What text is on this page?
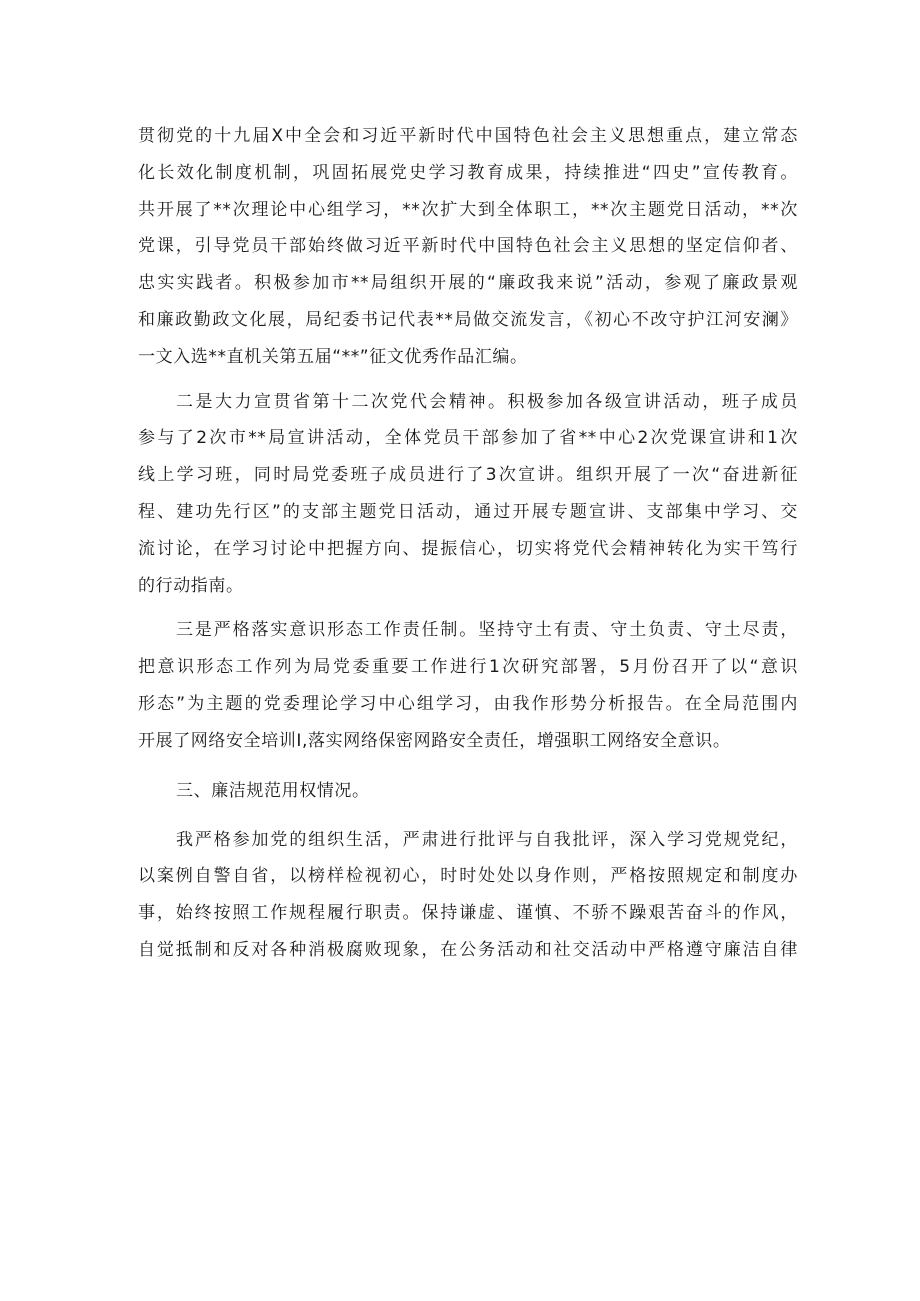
贯彻党的十九届X中全会和习近平新时代中国特色社会主义思想重点，建立常态
化长效化制度机制，巩固拓展党史学习教育成果，持续推进“四史”宣传教育。
共开展了**次理论中心组学习，**次扩大到全体职工，**次主题党日活动，**次
党课，引导党员干部始终做习近平新时代中国特色社会主义思想的坚定信仰者、
忠实实践者。积极参加市**局组织开展的“廉政我来说”活动，参观了廉政景观
和廉政勤政文化展，局纪委书记代表**局做交流发言，《初心不改守护江河安澜》
一文入选**直机关第五届“**”征文优秀作品汇编。
二是大力宣贯省第十二次党代会精神。积极参加各级宣讲活动，班子成员
参与了2次市**局宣讲活动，全体党员干部参加了省**中心2次党课宣讲和1次
线上学习班，同时局党委班子成员进行了3次宣讲。组织开展了一次“奋进新征
程、建功先行区”的支部主题党日活动，通过开展专题宣讲、支部集中学习、交
流讨论，在学习讨论中把握方向、提振信心，切实将党代会精神转化为实干笃行
的行动指南。
三是严格落实意识形态工作责任制。坚持守土有责、守土负责、守土尽责，
把意识形态工作列为局党委重要工作进行1次研究部署，5月份召开了以“意识
形态”为主题的党委理论学习中心组学习，由我作形势分析报告。在全局范围内
开展了网络安全培训I,落实网络保密网路安全责任，增强职工网络安全意识。
三、廉洁规范用权情况。
我严格参加党的组织生活，严肃进行批评与自我批评，深入学习党规党纪，
以案例自警自省，以榜样检视初心，时时处处以身作则，严格按照规定和制度办
事，始终按照工作规程履行职责。保持谦虚、谨慎、不骄不躁艰苦奋斗的作风，
自觉抵制和反对各种消极腐败现象，在公务活动和社交活动中严格遵守廉洁自律
